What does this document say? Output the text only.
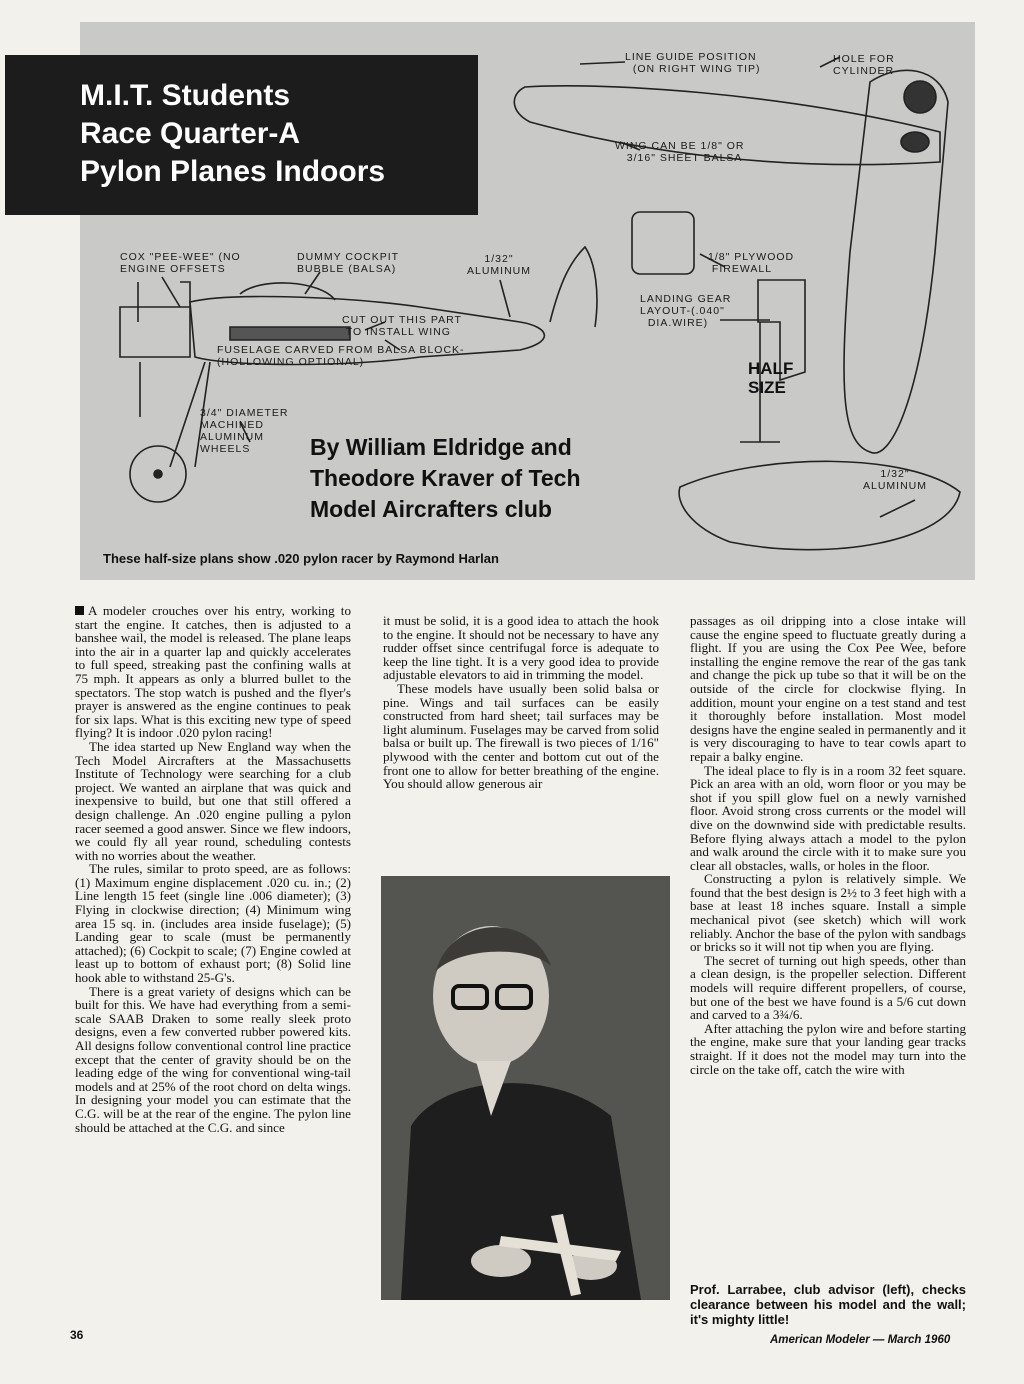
LINE GUIDE POSITION
(ON RIGHT WING TIP)
HOLE FOR
CYLINDER
WING CAN BE 1/8" OR
3/16" SHEET BALSA
1/8" PLYWOOD
FIREWALL
LANDING GEAR
LAYOUT-(.040"
DIA.WIRE)
HALF
SIZE
1/32"
ALUMINUM
COX "PEE-WEE" (NO
ENGINE OFFSETS
DUMMY COCKPIT
BUBBLE (BALSA)
1/32"
ALUMINUM
CUT OUT THIS PART
TO INSTALL WING
FUSELAGE CARVED FROM BALSA BLOCK-
(HOLLOWING OPTIONAL)
3/4" DIAMETER
MACHINED
ALUMINUM
WHEELS
M.I.T. Students
Race Quarter-A
Pylon Planes Indoors
By William Eldridge and
Theodore Kraver of Tech
Model Aircrafters club
These half-size plans show .020 pylon racer by Raymond Harlan

A modeler crouches over his entry, working to start the engine. It catches, then is adjusted to a banshee wail, the model is released. The plane leaps into the air in a quarter lap and quickly accelerates to full speed, streaking past the confining walls at 75 mph. It appears as only a blurred bullet to the spectators. The stop watch is pushed and the flyer's prayer is answered as the engine continues to peak for six laps. What is this exciting new type of speed flying? It is indoor .020 pylon racing!

The idea started up New England way when the Tech Model Aircrafters at the Massachusetts Institute of Technology were searching for a club project. We wanted an airplane that was quick and inexpensive to build, but one that still offered a design challenge. An .020 engine pulling a pylon racer seemed a good answer. Since we flew indoors, we could fly all year round, scheduling contests with no worries about the weather.

The rules, similar to proto speed, are as follows: (1) Maximum engine displacement .020 cu. in.; (2) Line length 15 feet (single line .006 diameter); (3) Flying in clockwise direction; (4) Minimum wing area 15 sq. in. (includes area inside fuselage); (5) Landing gear to scale (must be permanently attached); (6) Cockpit to scale; (7) Engine cowled at least up to bottom of exhaust port; (8) Solid line hook able to withstand 25-G's.

There is a great variety of designs which can be built for this. We have had everything from a semi-scale SAAB Draken to some really sleek proto designs, even a few converted rubber powered kits. All designs follow conventional control line practice except that the center of gravity should be on the leading edge of the wing for conventional wing-tail models and at 25% of the root chord on delta wings. In designing your model you can estimate that the C.G. will be at the rear of the engine. The pylon line should be attached at the C.G. and since

it must be solid, it is a good idea to attach the hook to the engine. It should not be necessary to have any rudder offset since centrifugal force is adequate to keep the line tight. It is a very good idea to provide adjustable elevators to aid in trimming the model.

These models have usually been solid balsa or pine. Wings and tail surfaces can be easily constructed from hard sheet; tail surfaces may be light aluminum. Fuselages may be carved from solid balsa or built up. The firewall is two pieces of 1/16" plywood with the center and bottom cut out of the front one to allow for better breathing of the engine. You should allow generous air

passages as oil dripping into a close intake will cause the engine speed to fluctuate greatly during a flight. If you are using the Cox Pee Wee, before installing the engine remove the rear of the gas tank and change the pick up tube so that it will be on the outside of the circle for clockwise flying. In addition, mount your engine on a test stand and test it thoroughly before installation. Most model designs have the engine sealed in permanently and it is very discouraging to have to tear cowls apart to repair a balky engine.

The ideal place to fly is in a room 32 feet square. Pick an area with an old, worn floor or you may be shot if you spill glow fuel on a newly varnished floor. Avoid strong cross currents or the model will dive on the downwind side with predictable results. Before flying always attach a model to the pylon and walk around the circle with it to make sure you clear all obstacles, walls, or holes in the floor.

Constructing a pylon is relatively simple. We found that the best design is 2½ to 3 feet high with a base at least 18 inches square. Install a simple mechanical pivot (see sketch) which will work reliably. Anchor the base of the pylon with sandbags or bricks so it will not tip when you are flying.

The secret of turning out high speeds, other than a clean design, is the propeller selection. Different models will require different propellers, of course, but one of the best we have found is a 5/6 cut down and carved to a 3¾/6.

After attaching the pylon wire and before starting the engine, make sure that your landing gear tracks straight. If it does not the model may turn into the circle on the take off, catch the wire with

Prof. Larrabee, club advisor (left), checks clearance between his model and the wall; it's mighty little!
American Modeler — March 1960
36
